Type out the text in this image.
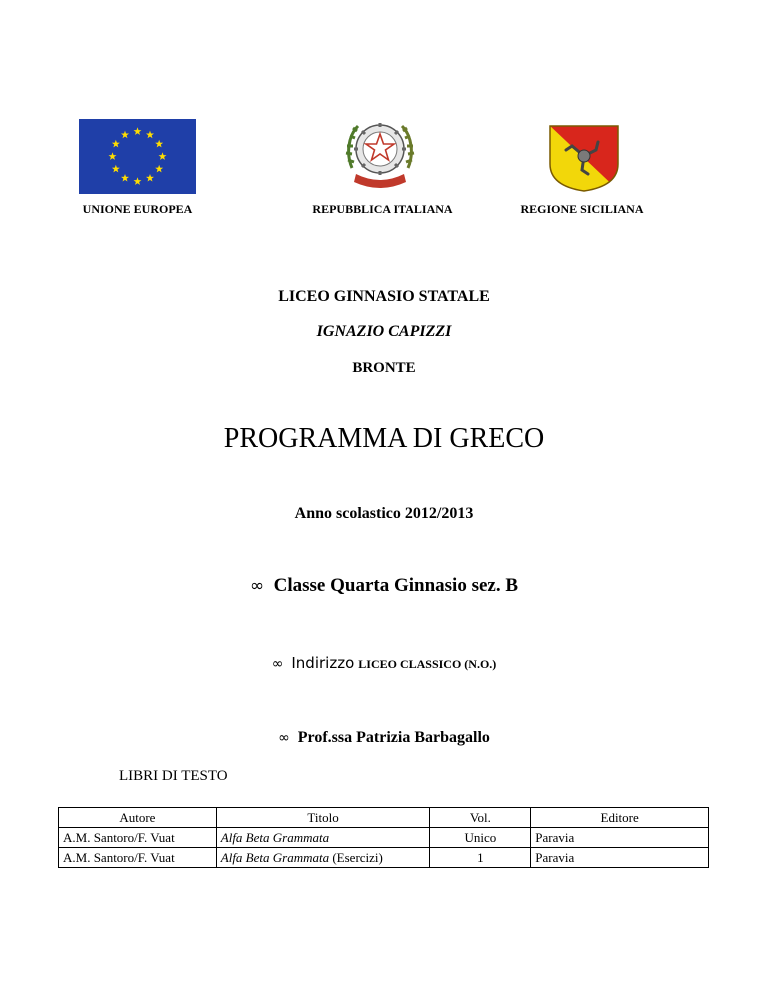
UNIONE EUROPEA	REPUBBLICA ITALIANA	REGIONE SICILIANA
LICEO GINNASIO STATALE
IGNAZIO CAPIZZI
BRONTE
PROGRAMMA DI GRECO
Anno scolastico 2012/2013
∞ Classe Quarta Ginnasio sez. B
∞ Indirizzo LICEO CLASSICO (N.O.)
∞ Prof.ssa Patrizia Barbagallo
LIBRI DI TESTO
Autore	Titolo	Vol.	Editore
A.M. Santoro/F. Vuat	Alfa Beta Grammata	Unico	Paravia
A.M. Santoro/F. Vuat	Alfa Beta Grammata (Esercizi)	1	Paravia
